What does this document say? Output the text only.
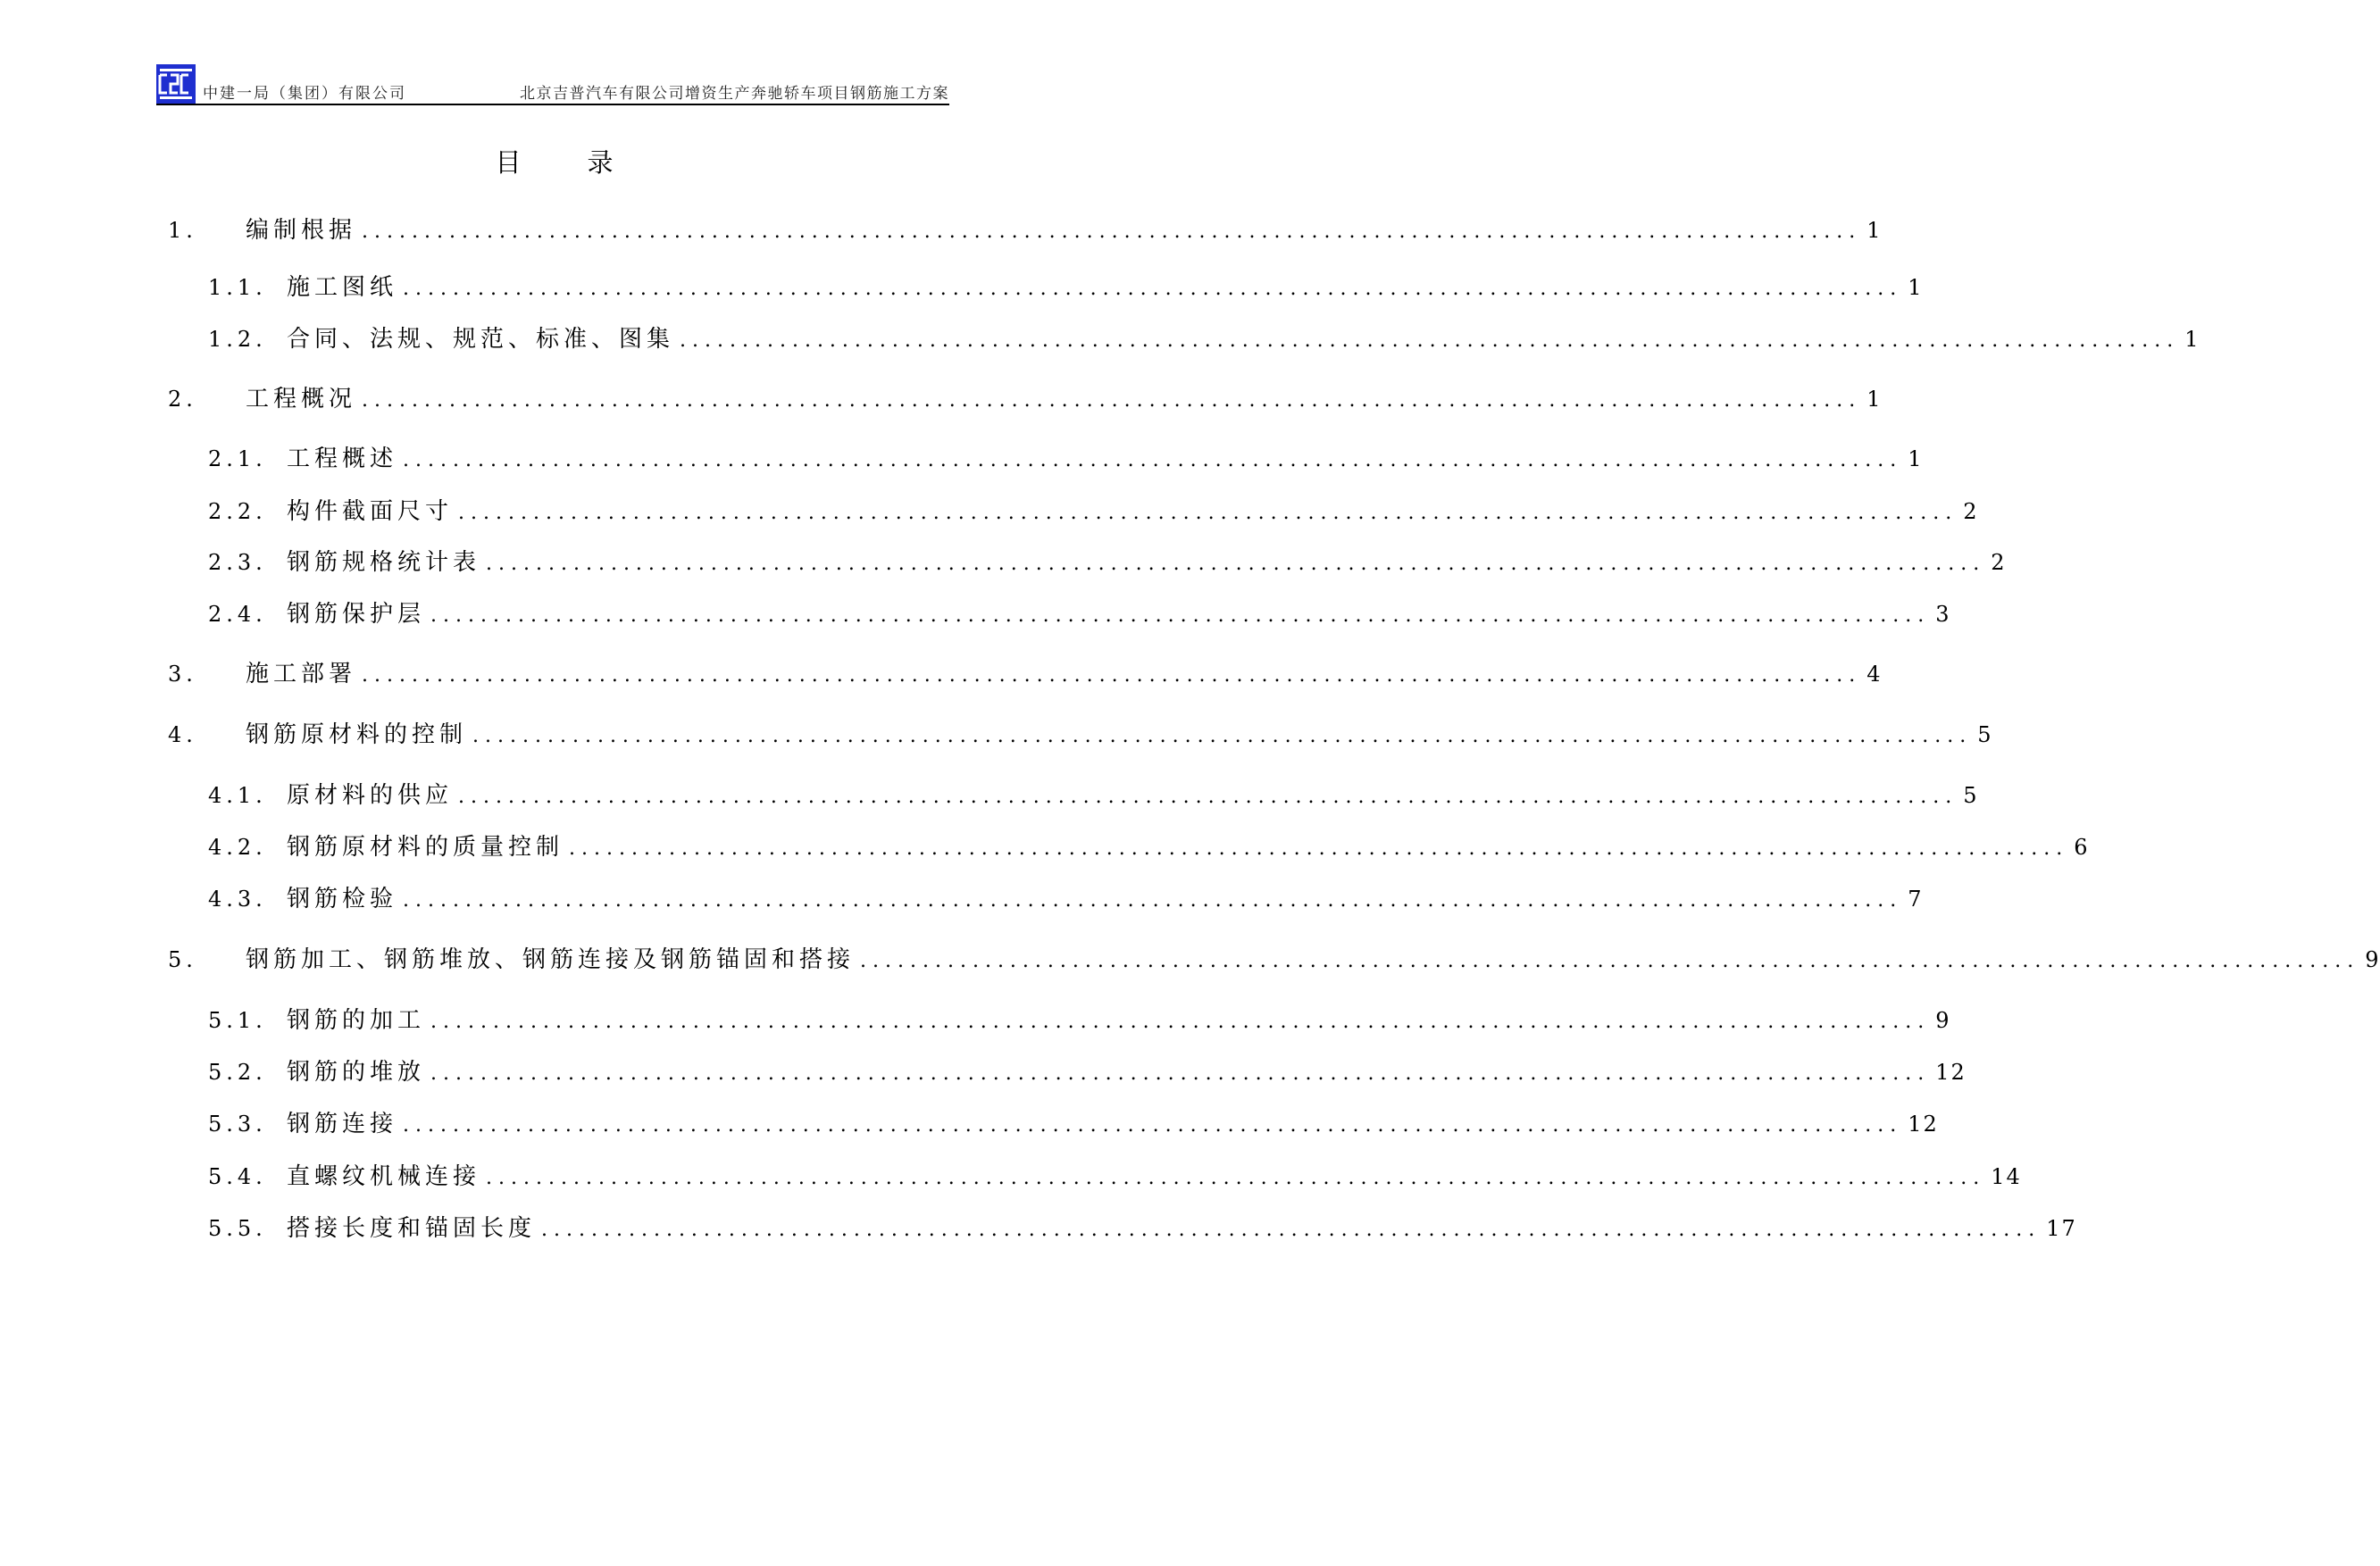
中建一局（集团）有限公司	北京吉普汽车有限公司增资生产奔驰轿车项目钢筋施工方案
目	录
1. 编制根据 ........................................................................................................................ 1
1.1. 施工图纸 ........................................................................................................................ 1
1.2. 合同、法规、规范、标准、图集 ........................................................................................................................ 1
2. 工程概况 ........................................................................................................................ 1
2.1. 工程概述 ........................................................................................................................ 1
2.2. 构件截面尺寸 ........................................................................................................................ 2
2.3. 钢筋规格统计表 ........................................................................................................................ 2
2.4. 钢筋保护层 ........................................................................................................................ 3
3. 施工部署 ........................................................................................................................ 4
4. 钢筋原材料的控制 ........................................................................................................................ 5
4.1. 原材料的供应 ........................................................................................................................ 5
4.2. 钢筋原材料的质量控制 ........................................................................................................................ 6
4.3. 钢筋检验 ........................................................................................................................ 7
5. 钢筋加工、钢筋堆放、钢筋连接及钢筋锚固和搭接 ........................................................................................................................ 9
5.1. 钢筋的加工 ........................................................................................................................ 9
5.2. 钢筋的堆放 ........................................................................................................................ 12
5.3. 钢筋连接 ........................................................................................................................ 12
5.4. 直螺纹机械连接 ........................................................................................................................ 14
5.5. 搭接长度和锚固长度 ........................................................................................................................ 17
